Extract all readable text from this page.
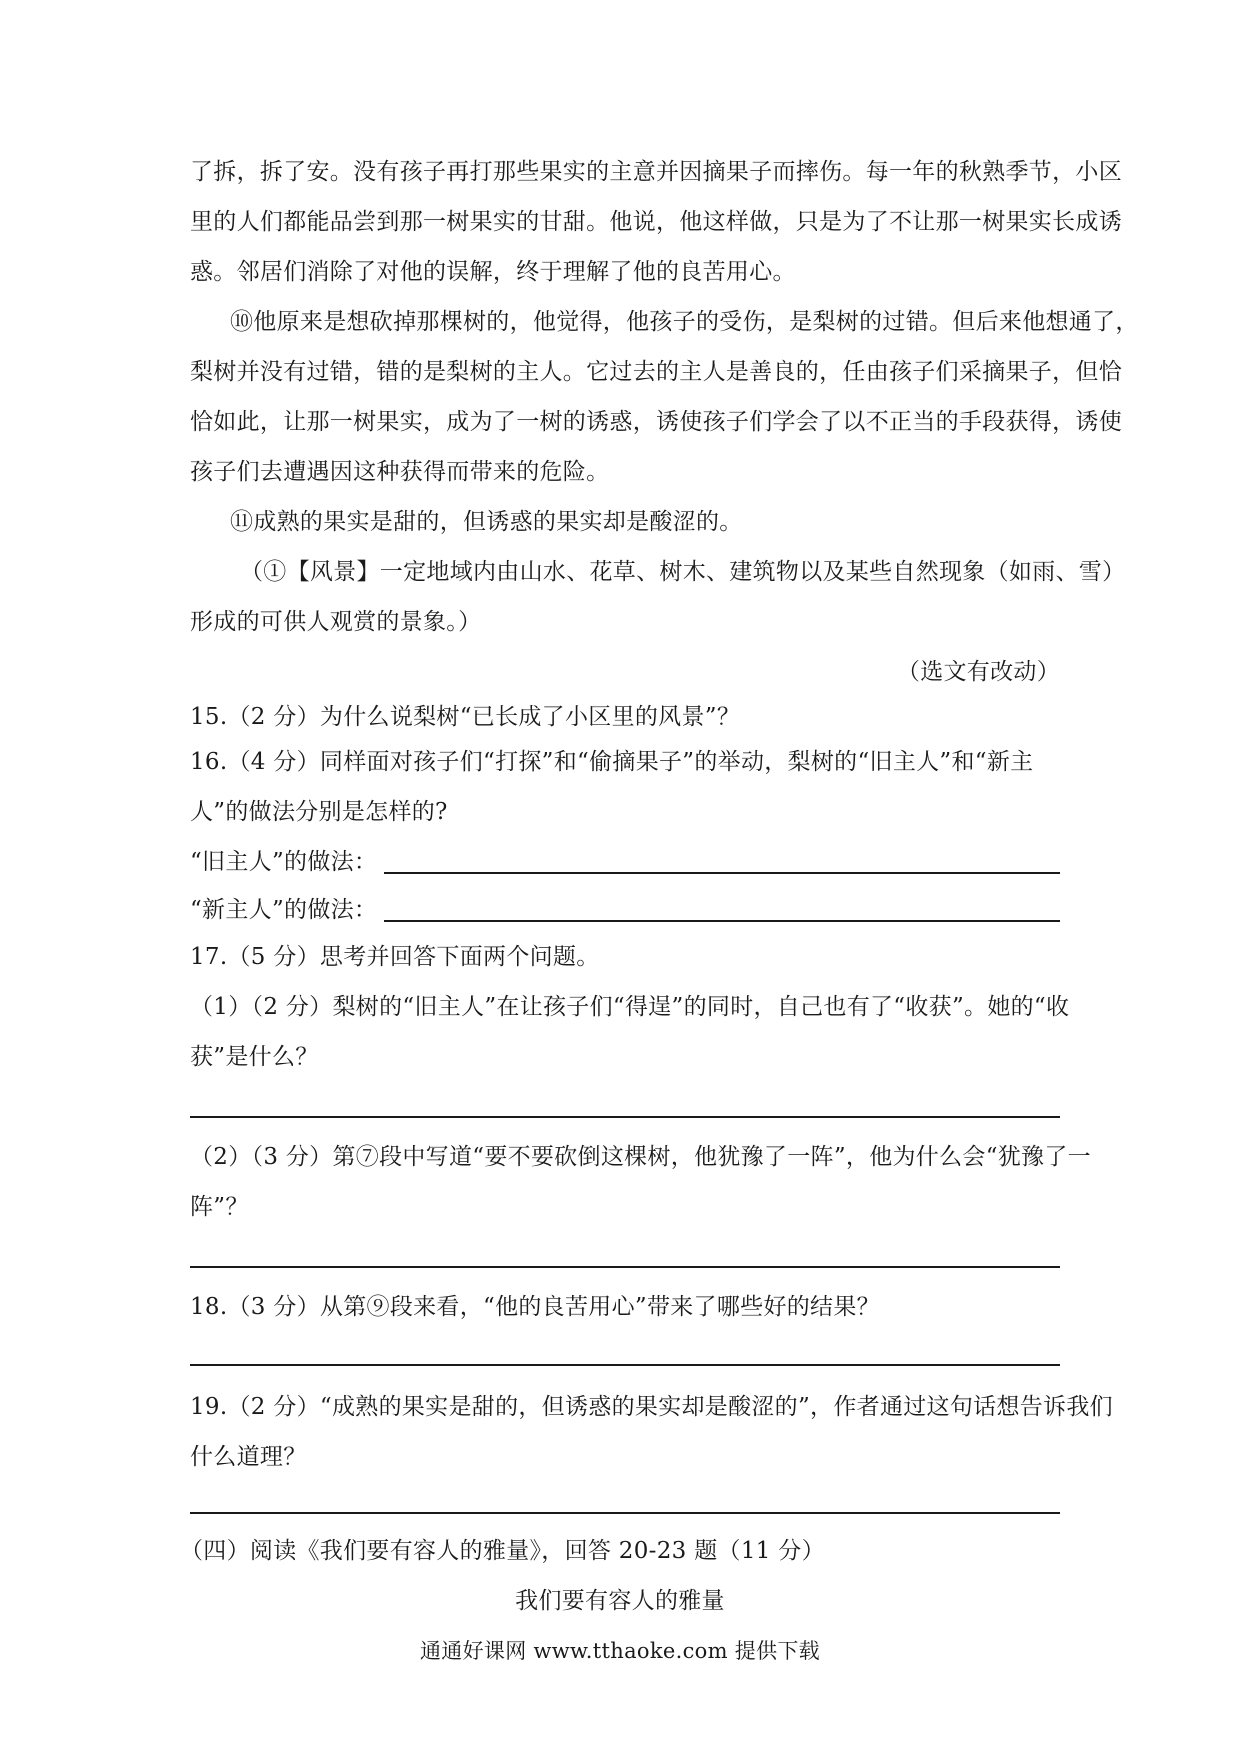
了拆，拆了安。没有孩子再打那些果实的主意并因摘果子而摔伤。每一年的秋熟季节，小区
里的人们都能品尝到那一树果实的甘甜。他说，他这样做，只是为了不让那一树果实长成诱
惑。邻居们消除了对他的误解，终于理解了他的良苦用心。
⑩他原来是想砍掉那棵树的，他觉得，他孩子的受伤，是梨树的过错。但后来他想通了，
梨树并没有过错，错的是梨树的主人。它过去的主人是善良的，任由孩子们采摘果子，但恰
恰如此，让那一树果实，成为了一树的诱惑，诱使孩子们学会了以不正当的手段获得，诱使
孩子们去遭遇因这种获得而带来的危险。
⑪成熟的果实是甜的，但诱惑的果实却是酸涩的。
（①【风景】一定地域内由山水、花草、树木、建筑物以及某些自然现象（如雨、雪）
形成的可供人观赏的景象。）
（选文有改动）
15.（2 分）为什么说梨树“已长成了小区里的风景”？
16.（4 分）同样面对孩子们“打探”和“偷摘果子”的举动，梨树的“旧主人”和“新主
人”的做法分别是怎样的?
“旧主人”的做法：
“新主人”的做法：
17.（5 分）思考并回答下面两个问题。
（1）（2 分）梨树的“旧主人”在让孩子们“得逞”的同时，自己也有了“收获”。她的“收
获”是什么？
（2）（3 分）第⑦段中写道“要不要砍倒这棵树，他犹豫了一阵”，他为什么会“犹豫了一
阵”？
18.（3 分）从第⑨段来看，“他的良苦用心”带来了哪些好的结果？
19.（2 分）“成熟的果实是甜的，但诱惑的果实却是酸涩的”，作者通过这句话想告诉我们
什么道理？
（四）阅读《我们要有容人的雅量》，回答 20-23 题（11 分）
我们要有容人的雅量
通通好课网 www.tthaoke.com 提供下载
